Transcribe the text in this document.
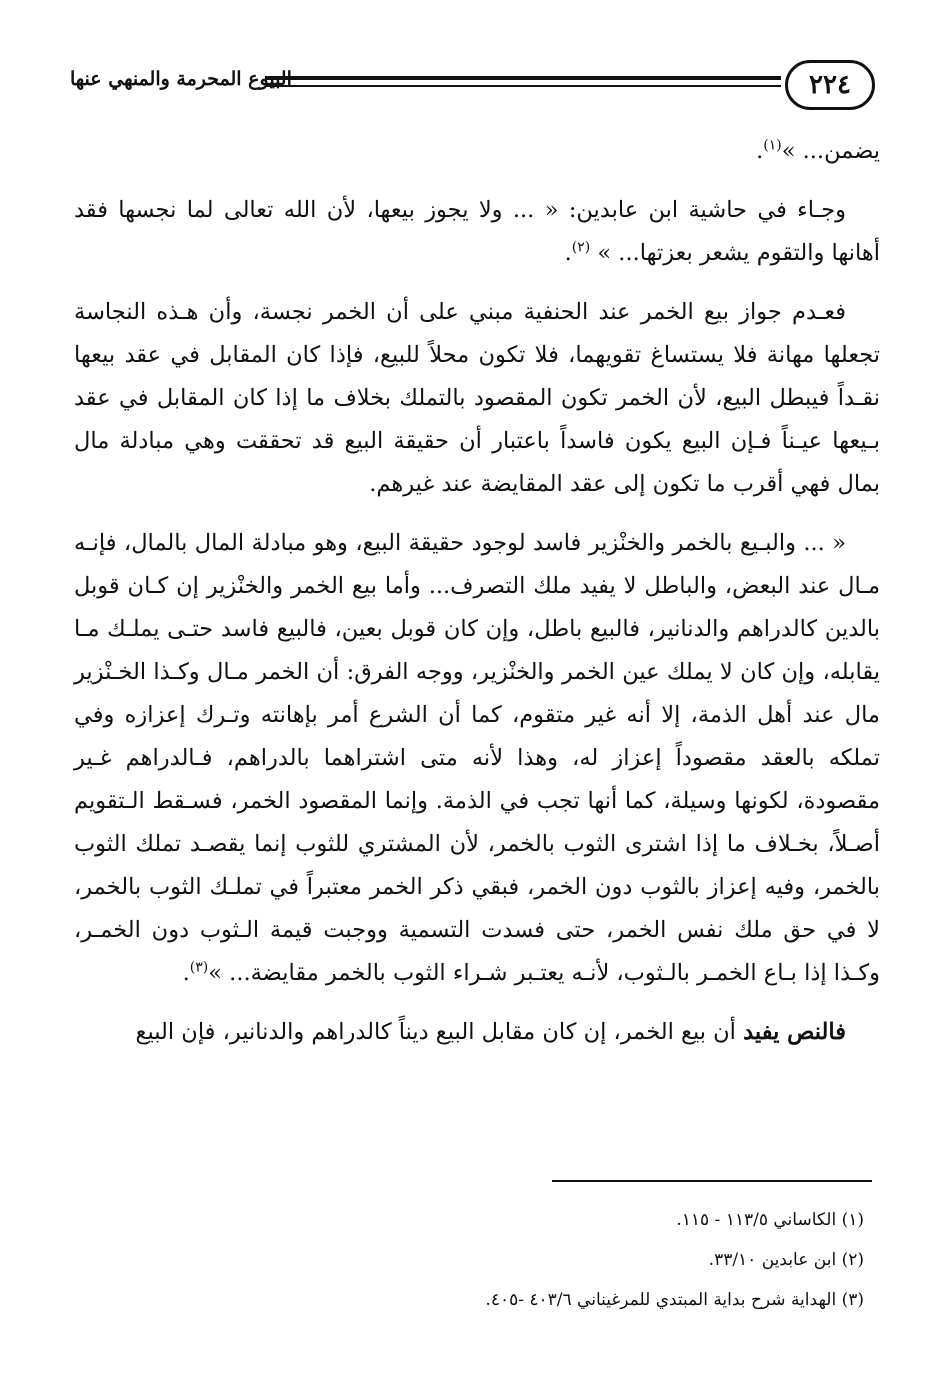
٢٢٤
البيوع المحرمة والمنهي عنها

يضمن... »$^{(١)}$.

وجـاء في حاشية ابن عابدين: « ... ولا يجوز بيعها، لأن الله تعالى لما نجسها فقد أهانها والتقوم يشعر بعزتها... » $^{(٢)}$.

فعـدم جواز بيع الخمر عند الحنفية مبني على أن الخمر نجسة، وأن هـذه النجاسة تجعلها مهانة فلا يستساغ تقويهما، فلا تكون محلاً للبيع، فإذا كان المقابل في عقد بيعها نقـداً فيبطل البيع، لأن الخمر تكون المقصود بالتملك بخلاف ما إذا كان المقابل في عقد بـيعها عيـناً فـإن البيع يكون فاسداً باعتبار أن حقيقة البيع قد تحققت وهي مبادلة مال بمال فهي أقرب ما تكون إلى عقد المقايضة عند غيرهم.

« ... والبـيع بالخمر والخنْزير فاسد لوجود حقيقة البيع، وهو مبادلة المال بالمال، فإنـه مـال عند البعض، والباطل لا يفيد ملك التصرف... وأما بيع الخمر والخنْزير إن كـان قوبل بالدين كالدراهم والدنانير، فالبيع باطل، وإن كان قوبل بعين، فالبيع فاسد حتـى يملـك مـا يقابله، وإن كان لا يملك عين الخمر والخنْزير، ووجه الفرق: أن الخمر مـال وكـذا الخـنْزير مال عند أهل الذمة، إلا أنه غير متقوم، كما أن الشرع أمر بإهانته وتـرك إعزازه وفي تملكه بالعقد مقصوداً إعزاز له، وهذا لأنه متى اشتراهما بالدراهم، فـالدراهم غـير مقصودة، لكونها وسيلة، كما أنها تجب في الذمة. وإنما المقصود الخمر، فسـقط الـتقويم أصـلاً، بخـلاف ما إذا اشترى الثوب بالخمر، لأن المشتري للثوب إنما يقصـد تملك الثوب بالخمر، وفيه إعزاز بالثوب دون الخمر، فبقي ذكر الخمر معتبراً في تملـك الثوب بالخمر، لا في حق ملك نفس الخمر، حتى فسدت التسمية ووجبت قيمة الـثوب دون الخمـر، وكـذا إذا بـاع الخمـر بالـثوب، لأنـه يعتـبر شـراء الثوب بالخمر مقايضة... »$^{(٣)}$.

فالنص يفيد أن بيع الخمر، إن كان مقابل البيع ديناً كالدراهم والدنانير، فإن البيع

(١) الكاساني ١١٣/٥ - ١١٥.
(٢) ابن عابدين ٣٣/١٠.
(٣) الهداية شرح بداية المبتدي للمرغيناني ٤٠٣/٦ -٤٠٥.
